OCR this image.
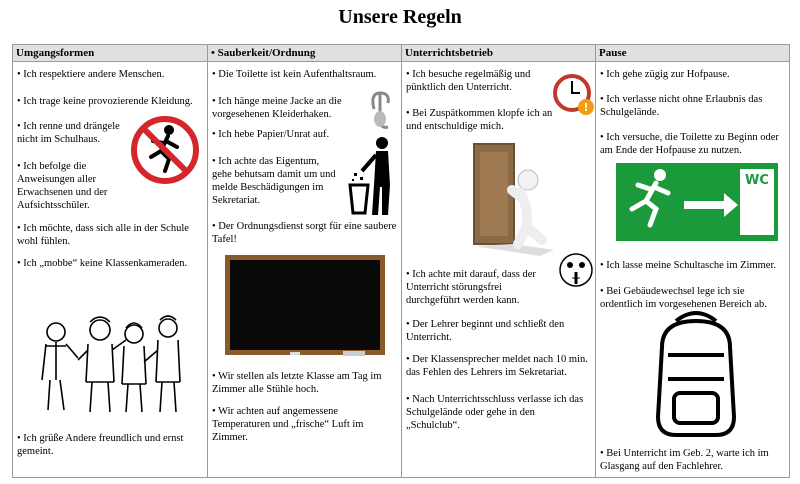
Unsere Regeln
Umgangsformen
• Ich respektiere andere Menschen.
• Ich trage keine provozierende Kleidung.
• Ich renne und drängele nicht im Schulhaus.
• Ich befolge die Anweisungen aller Erwachsenen und der Aufsichtsschüler.
• Ich möchte, dass sich alle in der Schule wohl fühlen.
• Ich „mobbe“ keine Klassenkameraden.
• Ich grüße Andere freundlich und ernst gemeint.
• Sauberkeit/Ordnung
• Die Toilette ist kein Aufenthaltsraum.
• Ich hänge meine Jacke an die vorgesehenen Kleiderhaken.
• Ich hebe Papier/Unrat auf.
• Ich achte das Eigentum, gehe behutsam damit um und melde Beschädigungen im Sekretariat.
• Der Ordnungsdienst sorgt für eine saubere Tafel!
• Wir stellen als letzte Klasse am Tag im Zimmer alle Stühle hoch.
• Wir achten auf angemessene Temperaturen und „frische“ Luft im Zimmer.
Unterrichtsbetrieb
• Ich besuche regelmäßig und pünktlich den Unterricht.
• Bei Zuspätkommen klopfe ich an und entschuldige mich.
• Ich achte mit darauf, dass der Unterricht störungsfrei durchgeführt werden kann.
• Der Lehrer beginnt und schließt den Unterricht.
• Der Klassensprecher meldet nach 10 min. das Fehlen des Lehrers im Sekretariat.
• Nach Unterrichtsschluss verlasse ich das Schulgelände oder gehe in den „Schulclub“.
!
Pause
• Ich gehe zügig zur Hofpause.
• Ich verlasse nicht ohne Erlaubnis das Schulgelände.
• Ich versuche, die Toilette zu Beginn oder am Ende der Hofpause zu nutzen.
• Ich lasse meine Schultasche im Zimmer.
• Bei Gebäudewechsel lege ich sie ordentlich im vorgesehenen Bereich ab.
• Bei Unterricht im Geb. 2, warte ich im Glasgang auf den Fachlehrer.
WC
